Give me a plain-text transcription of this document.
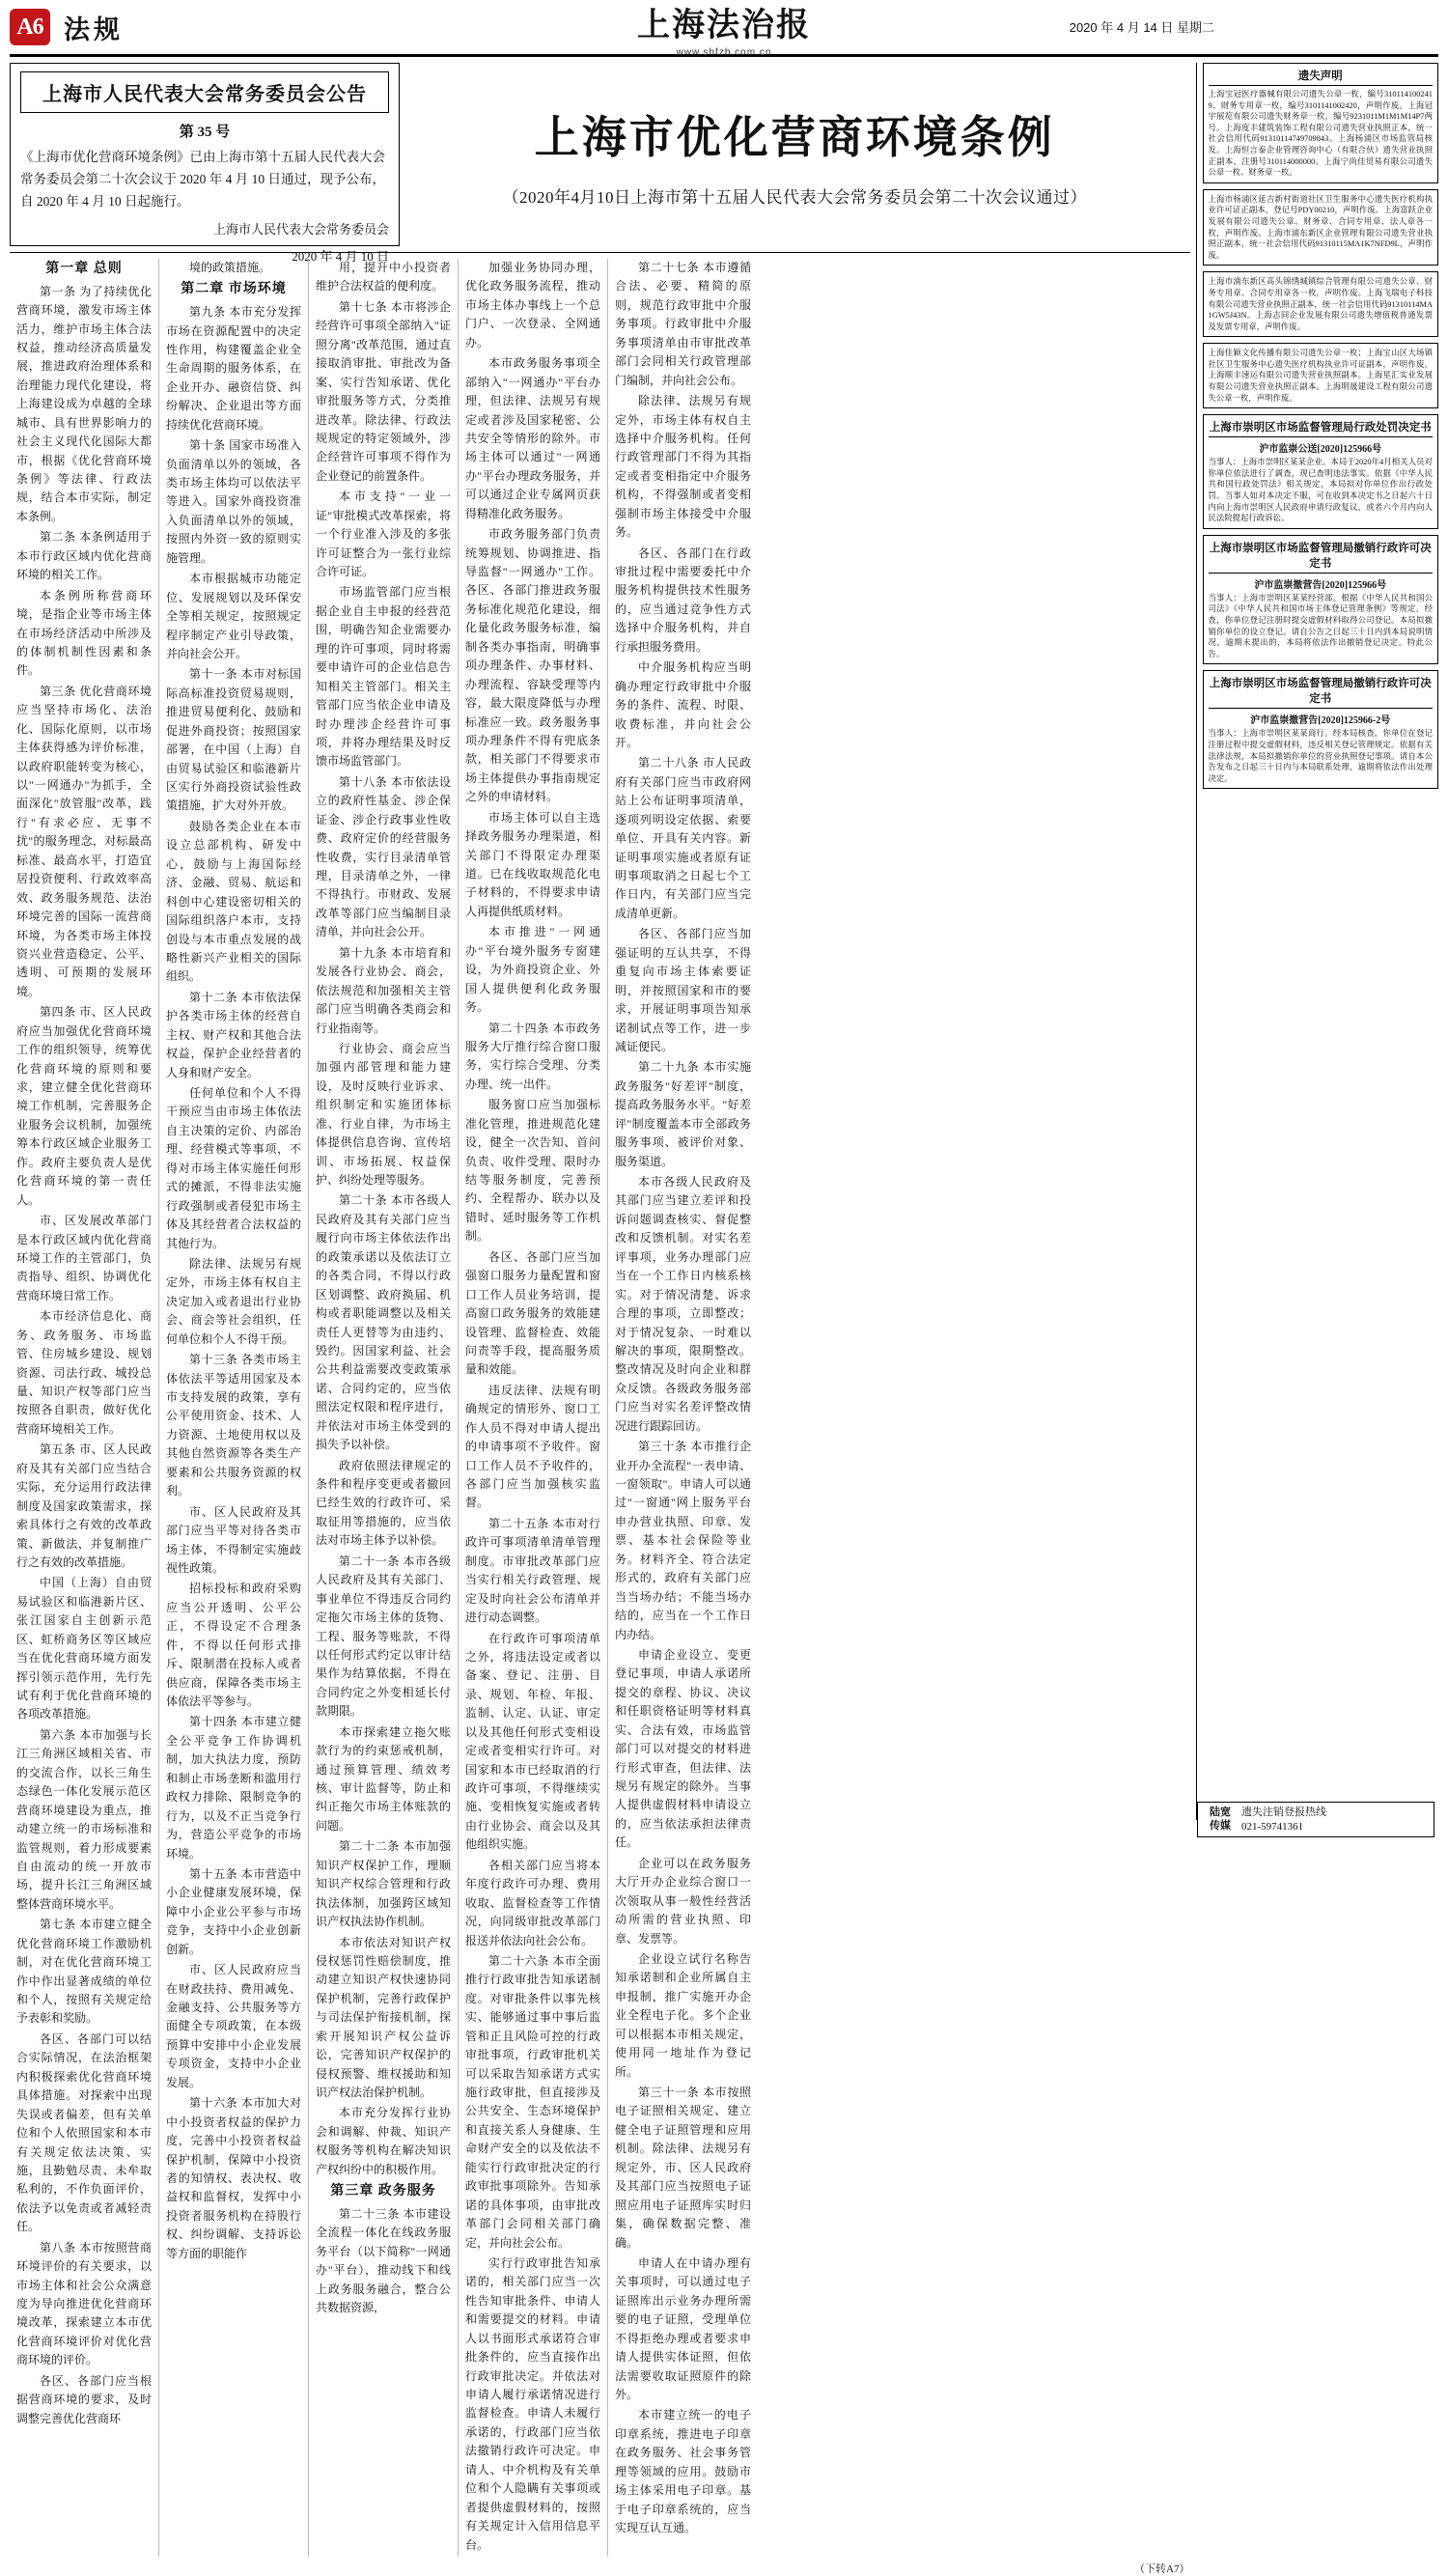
A6 法规	上海法治报
www.shfzb.com.cn
2020 年 4 月 14 日 星期二
上海市人民代表大会常务委员会公告
第 35 号
《上海市优化营商环境条例》已由上海市第十五届人民代表大会常务委员会第二十次会议于 2020 年 4 月 10 日通过，现予公布，自 2020 年 4 月 10 日起施行。
上海市人民代表大会常务委员会
2020 年 4 月 10 日
上海市优化营商环境条例
（2020年4月10日上海市第十五届人民代表大会常务委员会第二十次会议通过）

第一章 总则

第一条 为了持续优化营商环境，激发市场主体活力，维护市场主体合法权益，推动经济高质量发展，推进政府治理体系和治理能力现代化建设，将上海建设成为卓越的全球城市、具有世界影响力的社会主义现代化国际大都市，根据《优化营商环境条例》等法律、行政法规，结合本市实际，制定本条例。

第二条 本条例适用于本市行政区域内优化营商环境的相关工作。

本条例所称营商环境，是指企业等市场主体在市场经济活动中所涉及的体制机制性因素和条件。

第三条 优化营商环境应当坚持市场化、法治化、国际化原则，以市场主体获得感为评价标准，以政府职能转变为核心，以"一网通办"为抓手，全面深化"放管服"改革，践行"有求必应、无事不扰"的服务理念，对标最高标准、最高水平，打造宜居投资便利、行政效率高效、政务服务规范、法治环境完善的国际一流营商环境，为各类市场主体投资兴业营造稳定、公平、透明、可预期的发展环境。

第四条 市、区人民政府应当加强优化营商环境工作的组织领导，统筹优化营商环境的原则和要求，建立健全优化营商环境工作机制，完善服务企业服务会议机制，加强统筹本行政区域企业服务工作。政府主要负责人是优化营商环境的第一责任人。

市、区发展改革部门是本行政区域内优化营商环境工作的主管部门，负责指导、组织、协调优化营商环境日常工作。

本市经济信息化、商务、政务服务、市场监管、住房城乡建设、规划资源、司法行政、城投总量、知识产权等部门应当按照各自职责，做好优化营商环境相关工作。

第五条 市、区人民政府及其有关部门应当结合实际，充分运用行政法律制度及国家政策需求，探索具体行之有效的改革政策、新做法，并复制推广行之有效的改革措施。

中国（上海）自由贸易试验区和临港新片区、张江国家自主创新示范区、虹桥商务区等区域应当在优化营商环境方面发挥引领示范作用，先行先试有利于优化营商环境的各项改革措施。

第六条 本市加强与长江三角洲区域相关省、市的交流合作，以长三角生态绿色一体化发展示范区营商环境建设为重点，推动建立统一的市场标准和监管规则，着力形成要素自由流动的统一开放市场，提升长江三角洲区域整体营商环境水平。

第七条 本市建立健全优化营商环境工作激励机制，对在优化营商环境工作中作出显著成绩的单位和个人，按照有关规定给予表彰和奖励。

各区、各部门可以结合实际情况，在法治框架内积极探索优化营商环境具体措施。对探索中出现失误或者偏差，但有关单位和个人依照国家和本市有关规定依法决策、实施，且勤勉尽责、未牟取私利的，不作负面评价，依法予以免责或者减轻责任。

第八条 本市按照营商环境评价的有关要求，以市场主体和社会公众满意度为导向推进优化营商环境改革，探索建立本市优化营商环境评价对优化营商环境的评价。

各区、各部门应当根据营商环境的要求，及时调整完善优化营商环

境的政策措施。

第二章 市场环境

第九条 本市充分发挥市场在资源配置中的决定性作用，构建覆盖企业全生命周期的服务体系，在企业开办、融资信贷、纠纷解决、企业退出等方面持续优化营商环境。

第十条 国家市场准入负面清单以外的领域，各类市场主体均可以依法平等进入。国家外商投资准入负面清单以外的领域，按照内外资一致的原则实施管理。

本市根据城市功能定位、发展规划以及环保安全等相关规定，按照规定程序制定产业引导政策，并向社会公开。

第十一条 本市对标国际高标准投资贸易规则，推进贸易便利化、鼓励和促进外商投资；按照国家部署，在中国（上海）自由贸易试验区和临港新片区实行外商投资试验性政策措施，扩大对外开放。

鼓励各类企业在本市设立总部机构、研发中心，鼓励与上海国际经济、金融、贸易、航运和科创中心建设密切相关的国际组织落户本市，支持创设与本市重点发展的战略性新兴产业相关的国际组织。

第十二条 本市依法保护各类市场主体的经营自主权、财产权和其他合法权益，保护企业经营者的人身和财产安全。

任何单位和个人不得干预应当由市场主体依法自主决策的定价、内部治理、经营模式等事项，不得对市场主体实施任何形式的摊派，不得非法实施行政强制或者侵犯市场主体及其经营者合法权益的其他行为。

除法律、法规另有规定外，市场主体有权自主决定加入或者退出行业协会、商会等社会组织，任何单位和个人不得干预。

第十三条 各类市场主体依法平等适用国家及本市支持发展的政策，享有公平使用资金、技术、人力资源、土地使用权以及其他自然资源等各类生产要素和公共服务资源的权利。

市、区人民政府及其部门应当平等对待各类市场主体，不得制定实施歧视性政策。

招标投标和政府采购应当公开透明、公平公正，不得设定不合理条件，不得以任何形式排斥、限制潜在投标人或者供应商，保障各类市场主体依法平等参与。

第十四条 本市建立健全公平竞争工作协调机制，加大执法力度，预防和制止市场垄断和滥用行政权力排除、限制竞争的行为，以及不正当竞争行为，营造公平竞争的市场环境。

第十五条 本市营造中小企业健康发展环境，保障中小企业公平参与市场竞争，支持中小企业创新创新。

市、区人民政府应当在财政扶持、费用减免、金融支持、公共服务等方面健全专项政策，在本级预算中安排中小企业发展专项资金，支持中小企业发展。

第十六条 本市加大对中小投资者权益的保护力度，完善中小投资者权益保护机制，保障中小投资者的知情权、表决权、收益权和监督权，发挥中小投资者服务机构在持股行权、纠纷调解、支持诉讼等方面的职能作

用，提升中小投资者维护合法权益的便利度。

第十七条 本市将涉企经营许可事项全部纳入"证照分离"改革范围，通过直接取消审批、审批改为备案、实行告知承诺、优化审批服务等方式，分类推进改革。除法律、行政法规规定的特定领域外，涉企经营许可事项不得作为企业登记的前置条件。

本市支持"一业一证"审批模式改革探索，将一个行业准入涉及的多张许可证整合为一张行业综合许可证。

市场监管部门应当根据企业自主申报的经营范围，明确告知企业需要办理的许可事项，同时将需要申请许可的企业信息告知相关主管部门。相关主管部门应当依企业申请及时办理涉企经营许可事项，并将办理结果及时反馈市场监管部门。

第十八条 本市依法设立的政府性基金、涉企保证金、涉企行政事业性收费、政府定价的经营服务性收费，实行目录清单管理，目录清单之外，一律不得执行。市财政、发展改革等部门应当编制目录清单，并向社会公开。

第十九条 本市培育和发展各行业协会、商会，依法规范和加强相关主管部门应当明确各类商会和行业指南等。

行业协会、商会应当加强内部管理和能力建设，及时反映行业诉求、组织制定和实施团体标准、行业自律，为市场主体提供信息咨询、宣传培训、市场拓展、权益保护、纠纷处理等服务。

第二十条 本市各级人民政府及其有关部门应当履行向市场主体依法作出的政策承诺以及依法订立的各类合同，不得以行政区划调整、政府换届、机构或者职能调整以及相关责任人更替等为由违约、毁约。因国家利益、社会公共利益需要改变政策承诺、合同约定的，应当依照法定权限和程序进行，并依法对市场主体受到的损失予以补偿。

政府依照法律规定的条件和程序变更或者撤回已经生效的行政许可、采取征用等措施的，应当依法对市场主体予以补偿。

第二十一条 本市各级人民政府及其有关部门、事业单位不得违反合同约定拖欠市场主体的货物、工程、服务等账款，不得以任何形式约定以审计结果作为结算依据，不得在合同约定之外变相延长付款期限。

本市探索建立拖欠账款行为的约束惩戒机制，通过预算管理、绩效考核、审计监督等，防止和纠正拖欠市场主体账款的问题。

第二十二条 本市加强知识产权保护工作，理顺知识产权综合管理和行政执法体制，加强跨区域知识产权执法协作机制。

本市依法对知识产权侵权惩罚性赔偿制度，推动建立知识产权快速协同保护机制，完善行政保护与司法保护衔接机制，探索开展知识产权公益诉讼，完善知识产权保护的侵权预警、维权援助和知识产权法治保护机制。

本市充分发挥行业协会和调解、仲裁、知识产权服务等机构在解决知识产权纠纷中的积极作用。

第三章 政务服务

第二十三条 本市建设全流程一体化在线政务服务平台（以下简称"一网通办"平台），推动线下和线上政务服务融合，整合公共数据资源，

加强业务协同办理，优化政务服务流程，推动市场主体办事线上一个总门户、一次登录、全网通办。

本市政务服务事项全部纳入"一网通办"平台办理，但法律、法规另有规定或者涉及国家秘密、公共安全等情形的除外。市场主体可以通过"一网通办"平台办理政务服务，并可以通过企业专属网页获得精准化政务服务。

市政务服务部门负责统筹规划、协调推进、指导监督"一网通办"工作。各区、各部门推进政务服务标准化规范化建设，细化量化政务服务标准，编制各类办事指南，明确事项办理条件、办事材料、办理流程、容缺受理等内容，最大限度降低与办理标准应一致。政务服务事项办理条件不得有兜底条款，相关部门不得要求市场主体提供办事指南规定之外的申请材料。

市场主体可以自主选择政务服务办理渠道，相关部门不得限定办理渠道。已在线收取规范化电子材料的，不得要求申请人再提供纸质材料。

本市推进"一网通办"平台境外服务专窗建设，为外商投资企业、外国人提供便利化政务服务。

第二十四条 本市政务服务大厅推行综合窗口服务，实行综合受理、分类办理、统一出件。

服务窗口应当加强标准化管理，推进规范化建设，健全一次告知、首问负责、收件受理、限时办结等服务制度，完善预约、全程帮办、联办以及错时、延时服务等工作机制。

各区、各部门应当加强窗口服务力量配置和窗口工作人员业务培训，提高窗口政务服务的效能建设管理、监督检查、效能问责等手段，提高服务质量和效能。

违反法律、法规有明确规定的情形外、窗口工作人员不得对申请人提出的申请事项不予收件。窗口工作人员不予收件的，各部门应当加强核实监督。

第二十五条 本市对行政许可事项清单清单管理制度。市审批改革部门应当实行相关行政管理、规定及时向社会公布清单并进行动态调整。

在行政许可事项清单之外，将违法设定或者以备案、登记、注册、目录、规划、年检、年报、监制、认定、认证、审定以及其他任何形式变相设定或者变相实行许可。对国家和本市已经取消的行政许可事项，不得继续实施、变相恢复实施或者转由行业协会、商会以及其他组织实施。

各相关部门应当将本年度行政许可办理、费用收取、监督检查等工作情况，向同级审批改革部门报送并依法向社会公布。

第二十六条 本市全面推行行政审批告知承诺制度。对审批条件以事先核实、能够通过事中事后监管和正且风险可控的行政审批事项，行政审批机关可以采取告知承诺方式实施行政审批，但直接涉及公共安全、生态环境保护和直接关系人身健康、生命财产安全的以及依法不能实行行政审批决定的行政审批事项除外。告知承诺的具体事项，由审批改革部门会同相关部门确定，并向社会公布。

实行行政审批告知承诺的，相关部门应当一次性告知审批条件、申请人和需要提交的材料。申请人以书面形式承诺符合审批条件的，应当直接作出行政审批决定。并依法对申请人履行承诺情况进行监督检查。申请人未履行承诺的，行政部门应当依法撤销行政许可决定。申请人、中介机构及有关单位和个人隐瞒有关事项或者提供虚假材料的，按照有关规定计入信用信息平台。

第二十七条 本市遵循合法、必要、精简的原则，规范行政审批中介服务事项。行政审批中介服务事项清单由市审批改革部门会同相关行政管理部门编制，并向社会公布。

除法律、法规另有规定外，市场主体有权自主选择中介服务机构。任何行政管理部门不得为其指定或者变相指定中介服务机构，不得强制或者变相强制市场主体接受中介服务。

各区、各部门在行政审批过程中需要委托中介服务机构提供技术性服务的，应当通过竞争性方式选择中介服务机构，并自行承担服务费用。

中介服务机构应当明确办理定行政审批中介服务的条件、流程、时限、收费标准，并向社会公开。

第二十八条 市人民政府有关部门应当市政府网站上公布证明事项清单，逐项列明设定依据、索要单位、开具有关内容。新证明事项实施或者原有证明事项取消之日起七个工作日内，有关部门应当完成清单更新。

各区、各部门应当加强证明的互认共享，不得重复向市场主体索要证明，并按照国家和市的要求，开展证明事项告知承诺制试点等工作，进一步减证便民。

第二十九条 本市实施政务服务"好差评"制度，提高政务服务水平。"好差评"制度覆盖本市全部政务服务事项、被评价对象、服务渠道。

本市各级人民政府及其部门应当建立差评和投诉问题调查核实、督促整改和反馈机制。对实名差评事项，业务办理部门应当在一个工作日内核系核实。对于情况清楚、诉求合理的事项，立即整改；对于情况复杂、一时难以解决的事项，限期整改。整改情况及时向企业和群众反馈。各级政务服务部门应当对实名差评整改情况进行跟踪回访。

第三十条 本市推行企业开办全流程"一表申请、一窗领取"。申请人可以通过"一窗通"网上服务平台申办营业执照、印章、发票、基本社会保险等业务。材料齐全、符合法定形式的，政府有关部门应当当场办结；不能当场办结的，应当在一个工作日内办结。

申请企业设立、变更登记事项，申请人承诺所提交的章程、协议、决议和任职资格证明等材料真实、合法有效，市场监管部门可以对提交的材料进行形式审查，但法律、法规另有规定的除外。当事人提供虚假材料申请设立的，应当依法承担法律责任。

企业可以在政务服务大厅开办企业综合窗口一次领取从事一般性经营活动所需的营业执照、印章、发票等。

企业设立试行名称告知承诺制和企业所属自主申报制，推广实施开办企业全程电子化。多个企业可以根据本市相关规定，使用同一地址作为登记所。

第三十一条 本市按照电子证照相关规定、建立健全电子证照管理和应用机制。除法律、法规另有规定外，市、区人民政府及其部门应当按照电子证照应用电子证照库实时归集，确保数据完整、准确。

申请人在中请办理有关事项时，可以通过电子证照库出示业务办理所需要的电子证照，受理单位不得拒绝办理或者要求申请人提供实体证照，但依法需要收取证照原件的除外。

本市建立统一的电子印章系统，推进电子印章在政务服务、社会事务管理等领域的应用。鼓励市场主体采用电子印章。基于电子印章系统的，应当实现互认互通。

（下转A7）
遗失声明
上海宝冠医疗器械有限公司遗失公章一枚，编号3101141002419、财务专用章一枚，编号3101141002420，声明作废。上海冠宇展览有限公司遗失财务章一枚，编号9231011M1M1M14P7两号。上海度丰建筑装饰工程有限公司遗失营业执照正本，统一社会信用代码91310114749709843。上海杨浦区市场监管局核发。上海恒言泰企业管理咨询中心（有限合伙）遗失营业执照正副本，注册号310114000000。上海宁尚佳贸易有限公司遗失公章一枚、财务章一枚。
上海市杨浦区延吉新村街道社区卫生服务中心遗失医疗机构执业许可证正副本，登记号PDY00210，声明作废。上海富跃企业发展有限公司遗失公章、财务章、合同专用章、法人章各一枚，声明作废。上海市浦东新区企业管理有限公司遗失营业执照正副本，统一社会信用代码91310115MA1K7NFD9L，声明作废。
上海市浦东新区高头锦绣城镇综合管理有限公司遗失公章、财务专用章、合同专用章各一枚，声明作废。上海飞瑞电子科技有限公司遗失营业执照正副本，统一社会信用代码91310114MA1GW5J43N。上海志同企业发展有限公司遗失增值税普通发票及发票专用章，声明作废。
上海佳颖文化传播有限公司遗失公章一枚；上海宝山区大场镇社区卫生服务中心遗失医疗机构执业许可证副本，声明作废。上海顺丰速运有限公司遗失营业执照副本。上海星汇实业发展有限公司遗失营业执照正副本。上海明晟建设工程有限公司遗失公章一枚，声明作废。
上海市崇明区市场监督管理局行政处罚决定书
沪市监崇公送[2020]125966号
当事人：上海市崇明区某某企业。本局于2020年4月相关人员对你单位依法进行了调查，现已查明违法事实。依据《中华人民共和国行政处罚法》相关规定，本局拟对你单位作出行政处罚。当事人如对本决定不服，可在收到本决定书之日起六十日内向上海市崇明区人民政府申请行政复议，或者六个月内向人民法院提起行政诉讼。
上海市崇明区市场监督管理局撤销行政许可决定书
沪市监崇撤营告[2020]125966号
当事人：上海市崇明区某某经营部。根据《中华人民共和国公司法》《中华人民共和国市场主体登记管理条例》等规定，经查，你单位登记注册时提交虚假材料取得公司登记。本局拟撤销你单位的设立登记。请自公告之日起三十日内到本局说明情况，逾期未提出的，本局将依法作出撤销登记决定。特此公告。
上海市崇明区市场监督管理局撤销行政许可决定书
沪市监崇撤营告[2020]125966-2号
当事人：上海市崇明区某某商行。经本局核查，你单位在登记注册过程中提交虚假材料，违反相关登记管理规定。依据有关法律法规，本局拟撤销你单位的营业执照登记事项。请自本公告发布之日起三十日内与本局联系处理，逾期将依法作出处理决定。
陆宽
传媒
遗失注销登报热线
021-59741361
